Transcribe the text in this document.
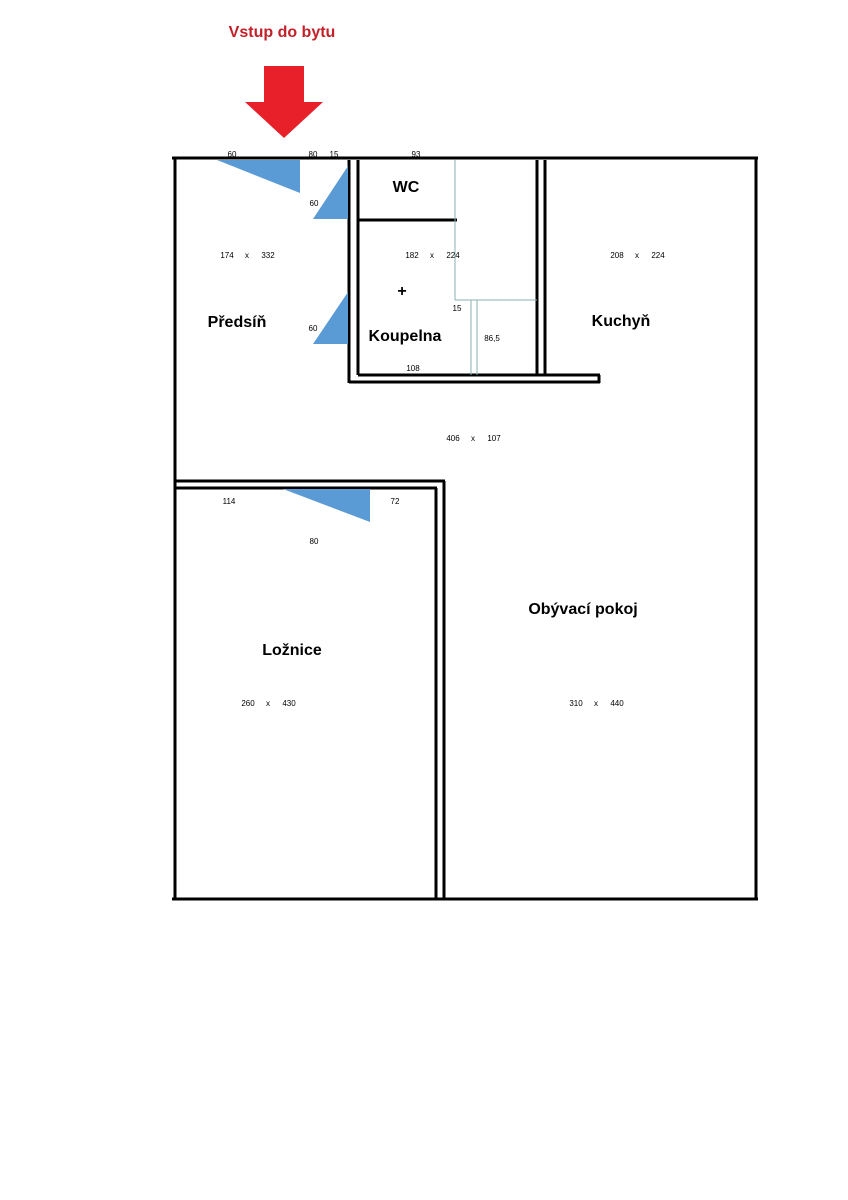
Vstup do bytu
Předsíň
WC
Koupelna
+
Kuchyň
Ložnice
Obývací pokoj
174 x 332	182 x 224	208 x 224
406 x 107
260 x 430	310 x 440
60	80 15	93
60
60
15
86,5
108
114	72
80
